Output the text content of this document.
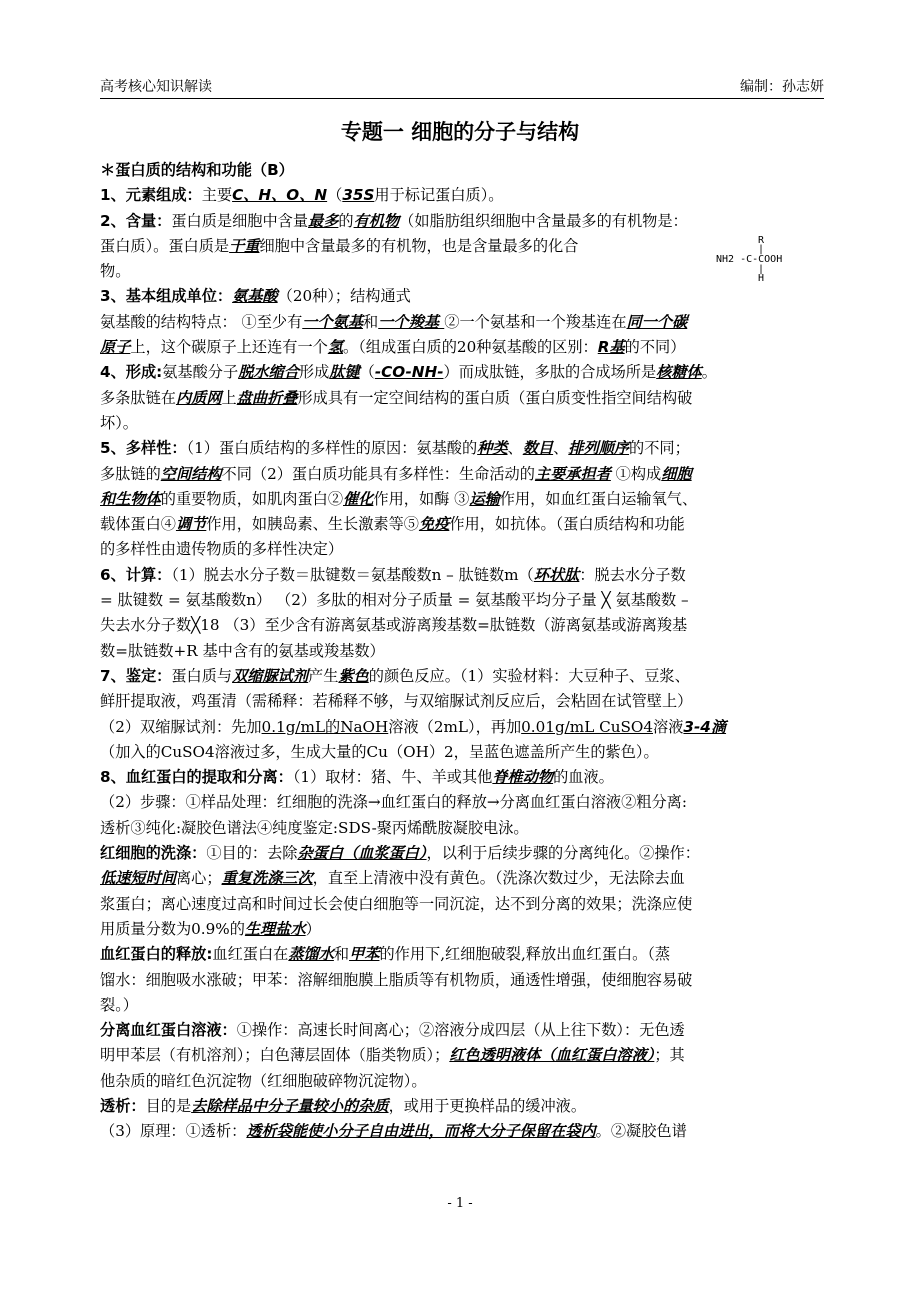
高考核心知识解读	编制：孙志妍
专题一 细胞的分子与结构
＊蛋白质的结构和功能（B）
1、元素组成：主要C、H、O、N（35S用于标记蛋白质）。
2、含量：蛋白质是细胞中含量最多的有机物（如脂肪组织细胞中含量最多的有机物是：
蛋白质）。蛋白质是干重细胞中含量最多的有机物，也是含量最多的化合
物。
3、基本组成单位：氨基酸（20种）；结构通式
氨基酸的结构特点： ①至少有一个氨基和一个羧基 ②一个氨基和一个羧基连在同一个碳
原子上，这个碳原子上还连有一个氢。（组成蛋白质的20种氨基酸的区别：R基的不同）
4、形成:氨基酸分子脱水缩合形成肽键（-CO-NH-）而成肽链，多肽的合成场所是核糖体。
多条肽链在内质网上盘曲折叠形成具有一定空间结构的蛋白质（蛋白质变性指空间结构破
坏）。
5、多样性：（1）蛋白质结构的多样性的原因：氨基酸的种类、数目、排列顺序的不同；
多肽链的空间结构不同（2）蛋白质功能具有多样性：生命活动的主要承担者 ①构成细胞
和生物体的重要物质，如肌肉蛋白②催化作用，如酶 ③运输作用，如血红蛋白运输氧气、
载体蛋白④调节作用，如胰岛素、生长激素等⑤免疫作用，如抗体。（蛋白质结构和功能
的多样性由遗传物质的多样性决定）
6、计算：（1）脱去水分子数＝肽键数＝氨基酸数n – 肽链数m（环状肽：脱去水分子数
= 肽键数 = 氨基酸数n） （2）多肽的相对分子质量 = 氨基酸平均分子量 ╳ 氨基酸数 –
失去水分子数╳18 （3）至少含有游离氨基或游离羧基数=肽链数（游离氨基或游离羧基
数=肽链数+R 基中含有的氨基或羧基数）
7、鉴定：蛋白质与双缩脲试剂产生紫色的颜色反应。（1）实验材料：大豆种子、豆浆、
鲜肝提取液，鸡蛋清（需稀释：若稀释不够，与双缩脲试剂反应后，会粘固在试管壁上）
（2）双缩脲试剂：先加0.1g/mL的NaOH溶液（2mL），再加0.01g/mL CuSO4溶液3-4滴
（加入的CuSO4溶液过多，生成大量的Cu（OH）2，呈蓝色遮盖所产生的紫色）。
8、血红蛋白的提取和分离：（1）取材：猪、牛、羊或其他脊椎动物的血液。
（2）步骤：①样品处理：红细胞的洗涤→血红蛋白的释放→分离血红蛋白溶液②粗分离:
透析③纯化:凝胶色谱法④纯度鉴定:SDS-聚丙烯酰胺凝胶电泳。
红细胞的洗涤：①目的：去除杂蛋白（血浆蛋白），以利于后续步骤的分离纯化。②操作：
低速短时间离心；重复洗涤三次，直至上清液中没有黄色。（洗涤次数过少，无法除去血
浆蛋白；离心速度过高和时间过长会使白细胞等一同沉淀，达不到分离的效果；洗涤应使
用质量分数为0.9%的生理盐水）
血红蛋白的释放:血红蛋白在蒸馏水和甲苯的作用下,红细胞破裂,释放出血红蛋白。（蒸
馏水：细胞吸水涨破；甲苯：溶解细胞膜上脂质等有机物质，通透性增强，使细胞容易破
裂。）
分离血红蛋白溶液：①操作：高速长时间离心；②溶液分成四层（从上往下数）：无色透
明甲苯层（有机溶剂）；白色薄层固体（脂类物质）；红色透明液体（血红蛋白溶液）；其
他杂质的暗红色沉淀物（红细胞破碎物沉淀物）。
透析：目的是去除样品中分子量较小的杂质，或用于更换样品的缓冲液。
（3）原理：①透析：透析袋能使小分子自由进出，而将大分子保留在袋内。②凝胶色谱
R
|
NH2 -C-COOH
|
H
- 1 -
